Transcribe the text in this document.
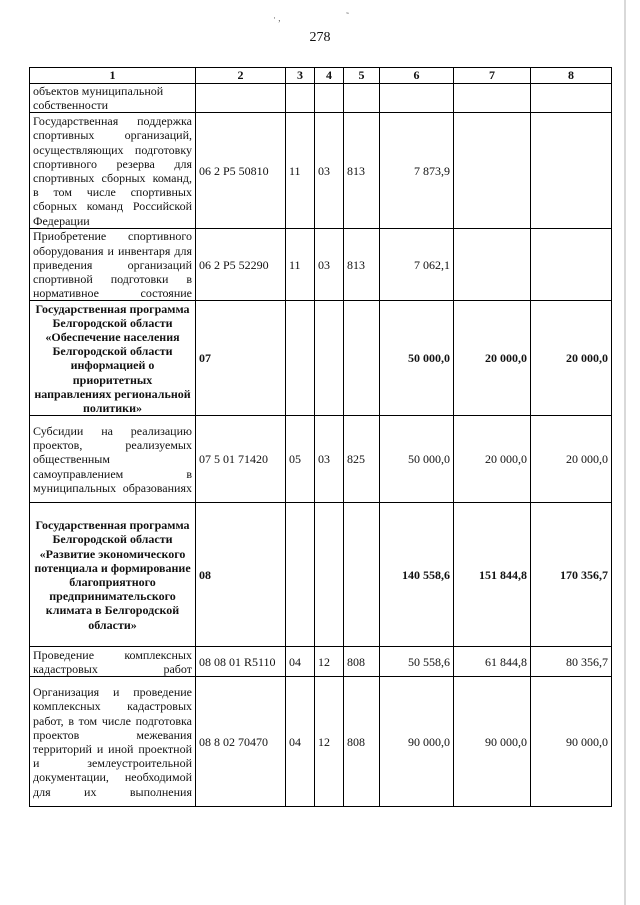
· ,	˜
278
1	2	3	4	5	6	7	8
объектов муниципальной собственности							
Государственная поддержка спортивных организаций, осуществляющих подготовку спортивного резерва для спортивных сборных команд, в том числе спортивных сборных команд Российской Федерации	06 2 P5 50810	11	03	813	7 873,9		
Приобретение спортивного оборудования и инвентаря для приведения организаций спортивной подготовки в нормативное состояние	06 2 P5 52290	11	03	813	7 062,1		
Государственная программа Белгородской области «Обеспечение населения Белгородской области информацией о приоритетных направлениях региональной политики»	07				50 000,0	20 000,0	20 000,0
Субсидии на реализацию проектов, реализуемых общественным самоуправлением в муниципальных образованиях	07 5 01 71420	05	03	825	50 000,0	20 000,0	20 000,0
Государственная программа Белгородской области «Развитие экономического потенциала и формирование благоприятного предпринимательского климата в Белгородской области»	08				140 558,6	151 844,8	170 356,7
Проведение комплексных кадастровых работ	08 08 01 R5110	04	12	808	50 558,6	61 844,8	80 356,7
Организация и проведение комплексных кадастровых работ, в том числе подготовка проектов межевания территорий и иной проектной и землеустроительной документации, необходимой для их выполнения	08 8 02 70470	04	12	808	90 000,0	90 000,0	90 000,0
